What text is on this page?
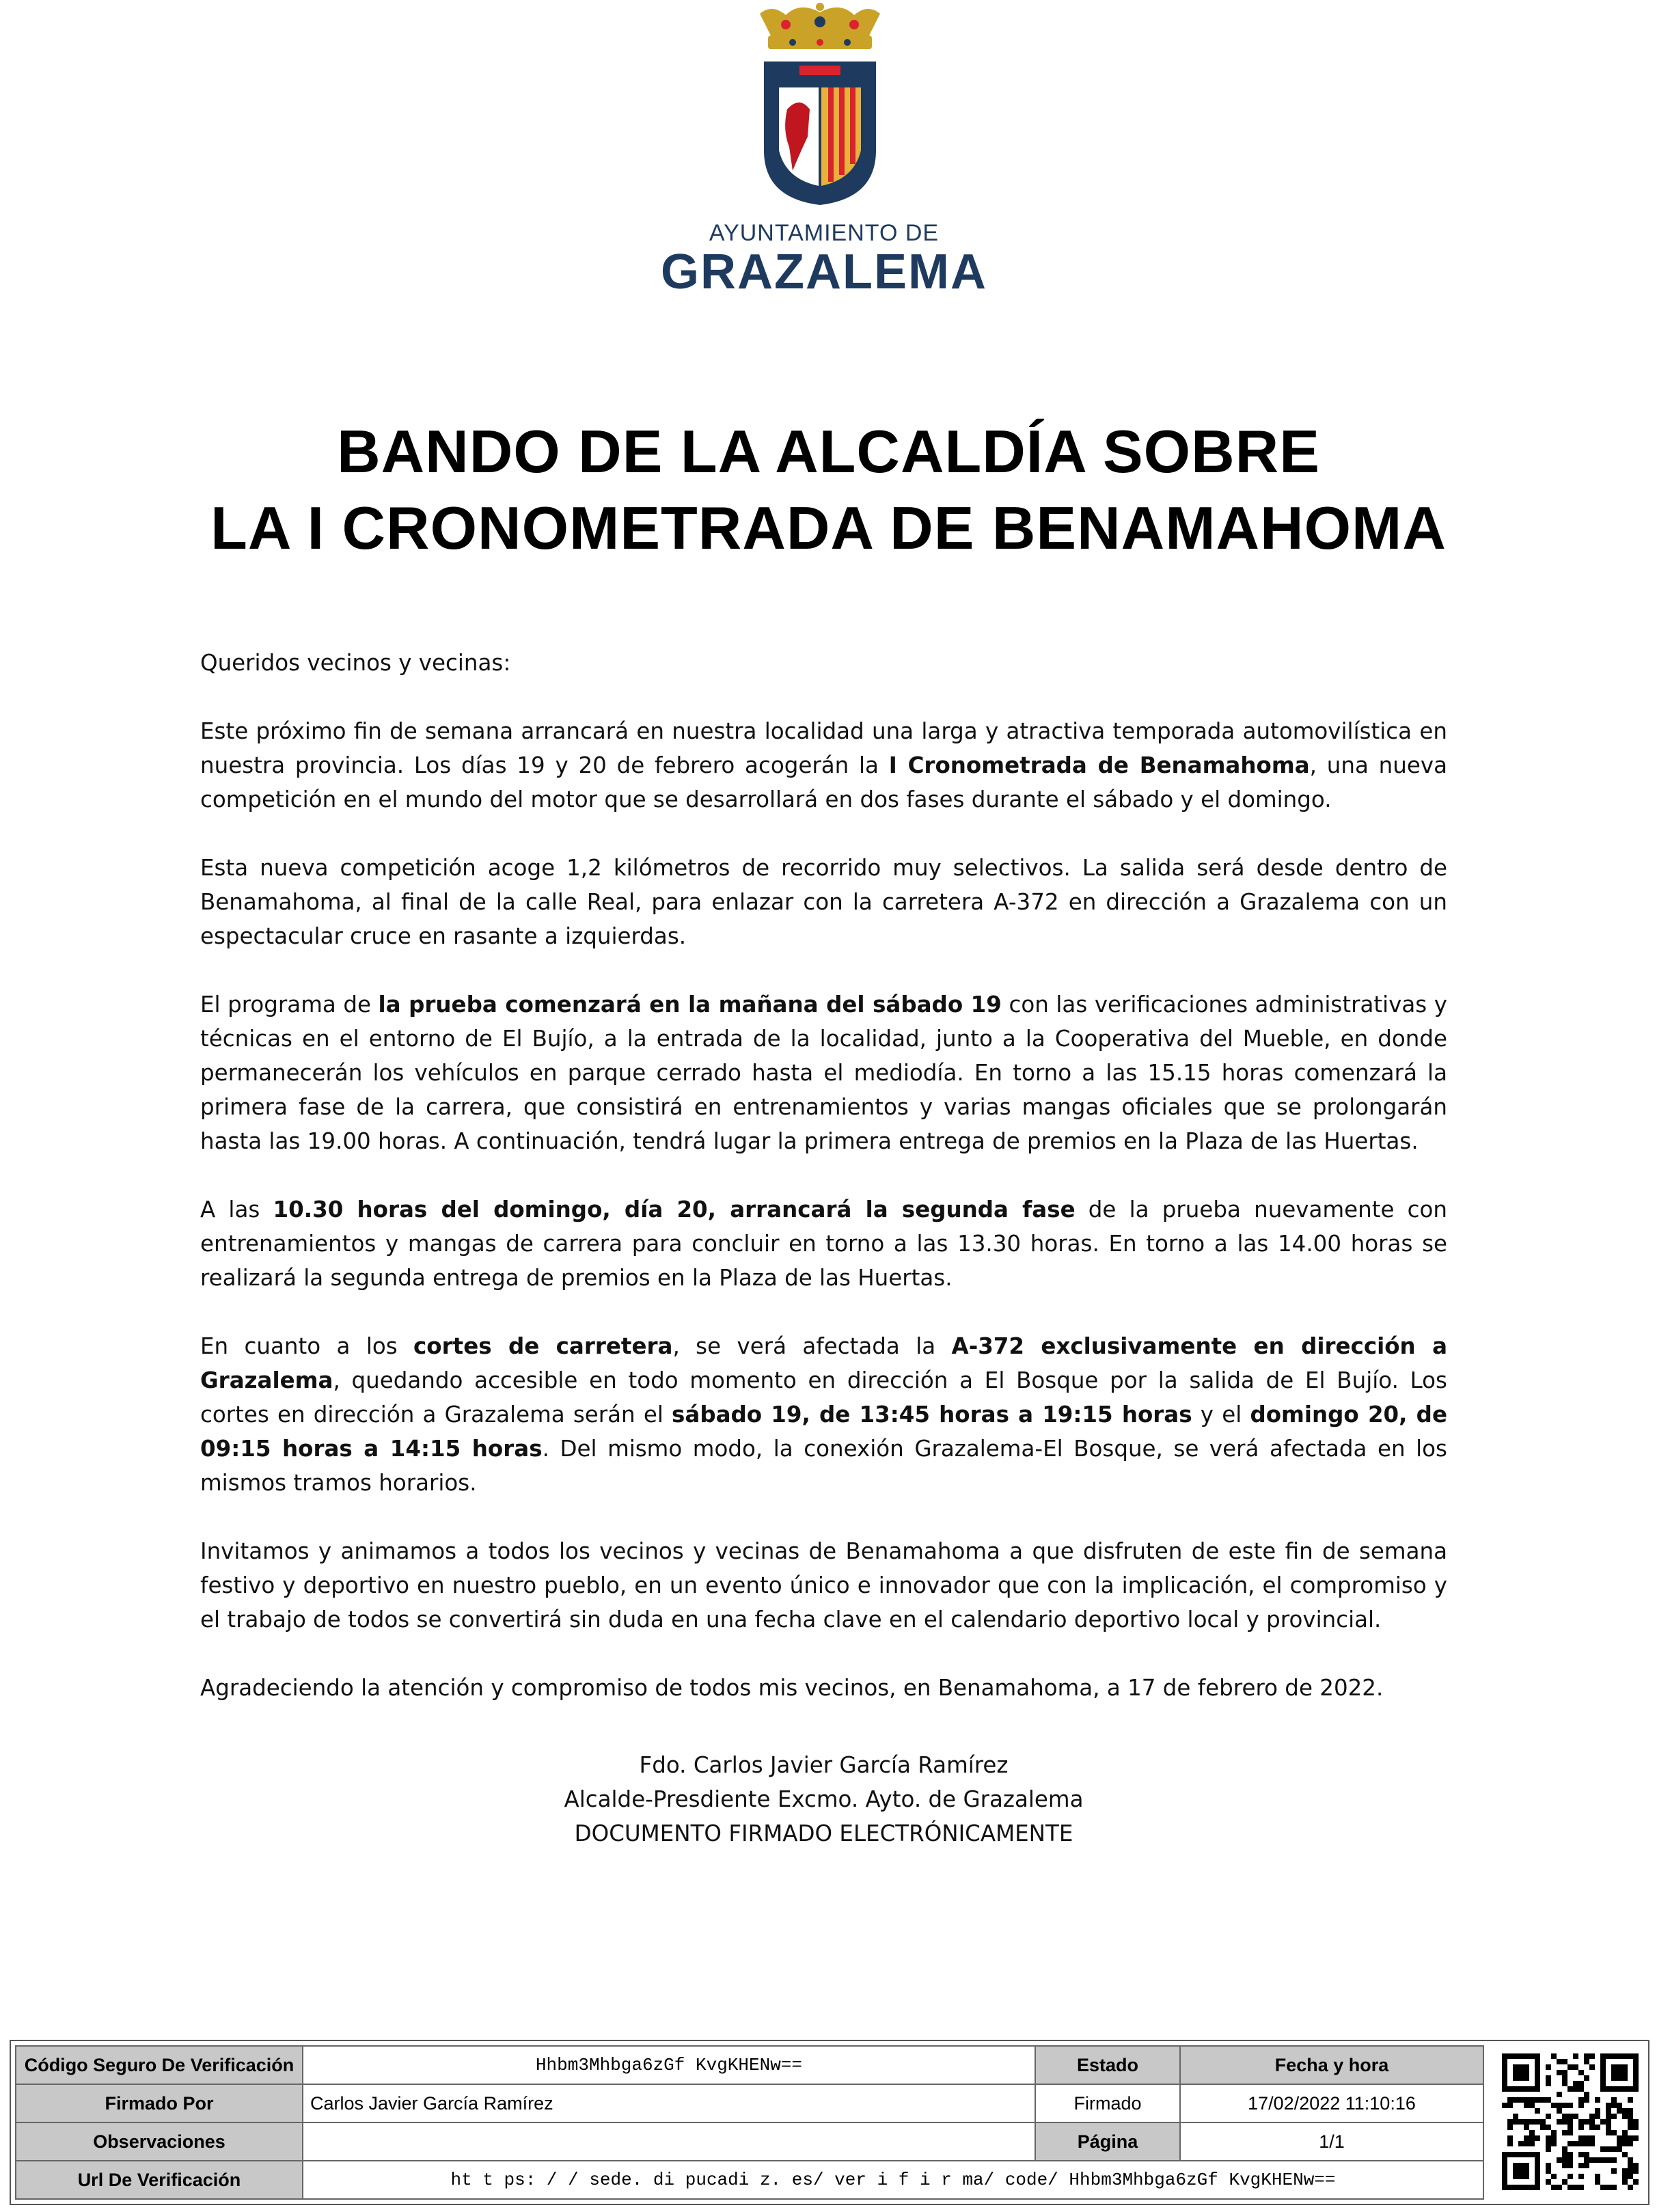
AYUNTAMIENTO DE
GRAZALEMA
BANDO DE LA ALCALDÍA SOBRE
LA I CRONOMETRADA DE BENAMAHOMA

Queridos vecinos y vecinas:

Este próximo fin de semana arrancará en nuestra localidad una larga y atractiva temporada automovilística en nuestra provincia. Los días 19 y 20 de febrero acogerán la I Cronometrada de Benamahoma, una nueva competición en el mundo del motor que se desarrollará en dos fases durante el sábado y el domingo.

Esta nueva competición acoge 1,2 kilómetros de recorrido muy selectivos. La salida será desde dentro de Benamahoma, al final de la calle Real, para enlazar con la carretera A-372 en dirección a Grazalema con un espectacular cruce en rasante a izquierdas.

El programa de la prueba comenzará en la mañana del sábado 19 con las verificaciones administrativas y técnicas en el entorno de El Bujío, a la entrada de la localidad, junto a la Cooperativa del Mueble, en donde permanecerán los vehículos en parque cerrado hasta el mediodía. En torno a las 15.15 horas comenzará la primera fase de la carrera, que consistirá en entrenamientos y varias mangas oficiales que se prolongarán hasta las 19.00 horas. A continuación, tendrá lugar la primera entrega de premios en la Plaza de las Huertas.

A las 10.30 horas del domingo, día 20, arrancará la segunda fase de la prueba nuevamente con entrenamientos y mangas de carrera para concluir en torno a las 13.30 horas. En torno a las 14.00 horas se realizará la segunda entrega de premios en la Plaza de las Huertas.

En cuanto a los cortes de carretera, se verá afectada la A-372 exclusivamente en dirección a Grazalema, quedando accesible en todo momento en dirección a El Bosque por la salida de El Bujío. Los cortes en dirección a Grazalema serán el sábado 19, de 13:45 horas a 19:15 horas y el domingo 20, de 09:15 horas a 14:15 horas. Del mismo modo, la conexión Grazalema-El Bosque, se verá afectada en los mismos tramos horarios.

Invitamos y animamos a todos los vecinos y vecinas de Benamahoma a que disfruten de este fin de semana festivo y deportivo en nuestro pueblo, en un evento único e innovador que con la implicación, el compromiso y el trabajo de todos se convertirá sin duda en una fecha clave en el calendario deportivo local y provincial.

Agradeciendo la atención y compromiso de todos mis vecinos, en Benamahoma, a 17 de febrero de 2022.

Fdo. Carlos Javier García Ramírez
Alcalde-Presdiente Excmo. Ayto. de Grazalema
DOCUMENTO FIRMADO ELECTRÓNICAMENTE
Código Seguro De Verificación	Hhbm3Mhbga6zGf KvgKHENw==	Estado	Fecha y hora
Firmado Por	Carlos Javier García Ramírez	Firmado	17/02/2022 11:10:16
Observaciones		Página	1/1
Url De Verificación	ht t ps: / / sede. di pucadi z. es/ ver i f i r ma/ code/ Hhbm3Mhbga6zGf KvgKHENw==		
